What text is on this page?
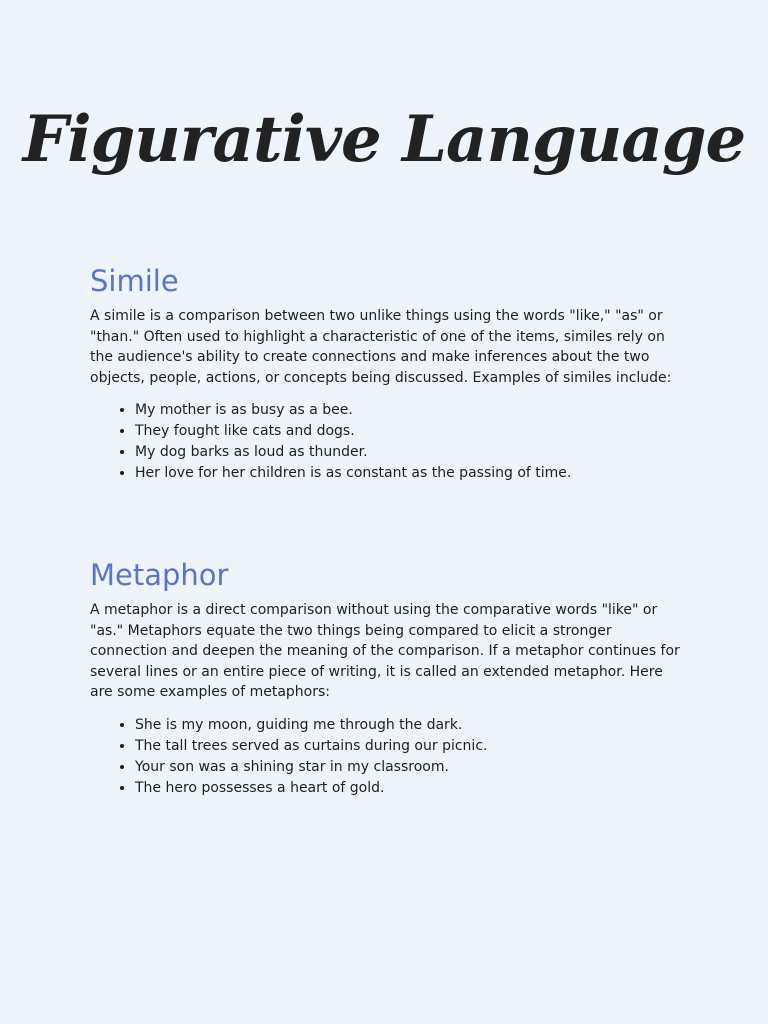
Figurative Language
Simile

A simile is a comparison between two unlike things using the words "like," "as" or "than." Often used to highlight a characteristic of one of the items, similes rely on the audience's ability to create connections and make inferences about the two objects, people, actions, or concepts being discussed. Examples of similes include:

• My mother is as busy as a bee.
• They fought like cats and dogs.
• My dog barks as loud as thunder.
• Her love for her children is as constant as the passing of time.
Metaphor

A metaphor is a direct comparison without using the comparative words "like" or "as." Metaphors equate the two things being compared to elicit a stronger connection and deepen the meaning of the comparison. If a metaphor continues for several lines or an entire piece of writing, it is called an extended metaphor. Here are some examples of metaphors:

• She is my moon, guiding me through the dark.
• The tall trees served as curtains during our picnic.
• Your son was a shining star in my classroom.
• The hero possesses a heart of gold.
